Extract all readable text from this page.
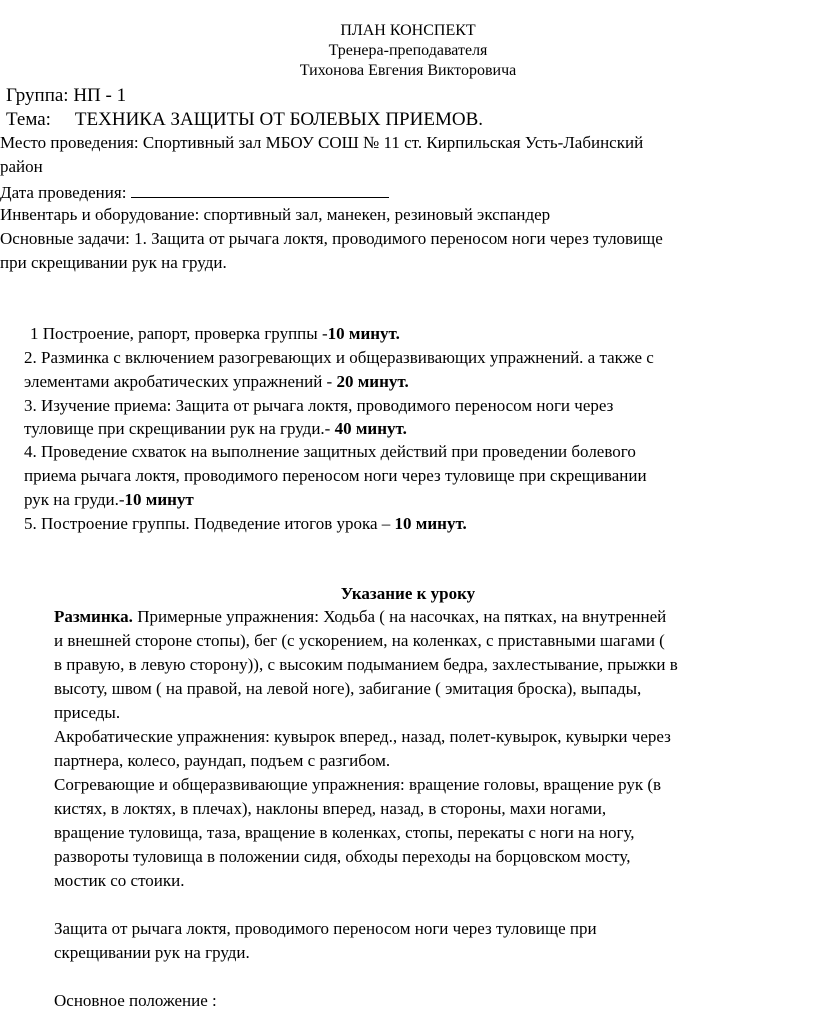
ПЛАН КОНСПЕКТ
Тренера-преподавателя
Тихонова Евгения Викторовича
Группа: НП - 1
Тема: ТЕХНИКА ЗАЩИТЫ ОТ БОЛЕВЫХ ПРИЕМОВ.
Место проведения: Спортивный зал МБОУ СОШ № 11 ст. Кирпильская Усть-Лабинский
район
Дата проведения:
Инвентарь и оборудование: спортивный зал, манекен, резиновый экспандер
Основные задачи: 1. Защита от рычага локтя, проводимого переносом ноги через туловище
при скрещивании рук на груди.
1 Построение, рапорт, проверка группы -10 минут.
2. Разминка с включением разогревающих и общеразвивающих упражнений. а также с
элементами акробатических упражнений - 20 минут.
3. Изучение приема: Защита от рычага локтя, проводимого переносом ноги через
туловище при скрещивании рук на груди.- 40 минут.
4. Проведение схваток на выполнение защитных действий при проведении болевого
приема рычага локтя, проводимого переносом ноги через туловище при скрещивании
рук на груди.-10 минут
5. Построение группы. Подведение итогов урока – 10 минут.
Указание к уроку
Разминка. Примерные упражнения: Ходьба ( на насочках, на пятках, на внутренней
и внешней стороне стопы), бег (с ускорением, на коленках, с приставными шагами (
в правую, в левую сторону)), с высоким подыманием бедра, захлестывание, прыжки в
высоту, швом ( на правой, на левой ноге), забигание ( эмитация броска), выпады,
приседы.
Акробатические упражнения: кувырок вперед., назад, полет-кувырок, кувырки через
партнера, колесо, раундап, подъем с разгибом.
Согревающие и общеразвивающие упражнения: вращение головы, вращение рук (в
кистях, в локтях, в плечах), наклоны вперед, назад, в стороны, махи ногами,
вращение туловища, таза, вращение в коленках, стопы, перекаты с ноги на ногу,
развороты туловища в положении сидя, обходы переходы на борцовском мосту,
мостик со стоики.
Защита от рычага локтя, проводимого переносом ноги через туловище при
скрещивании рук на груди.
Основное положение :
